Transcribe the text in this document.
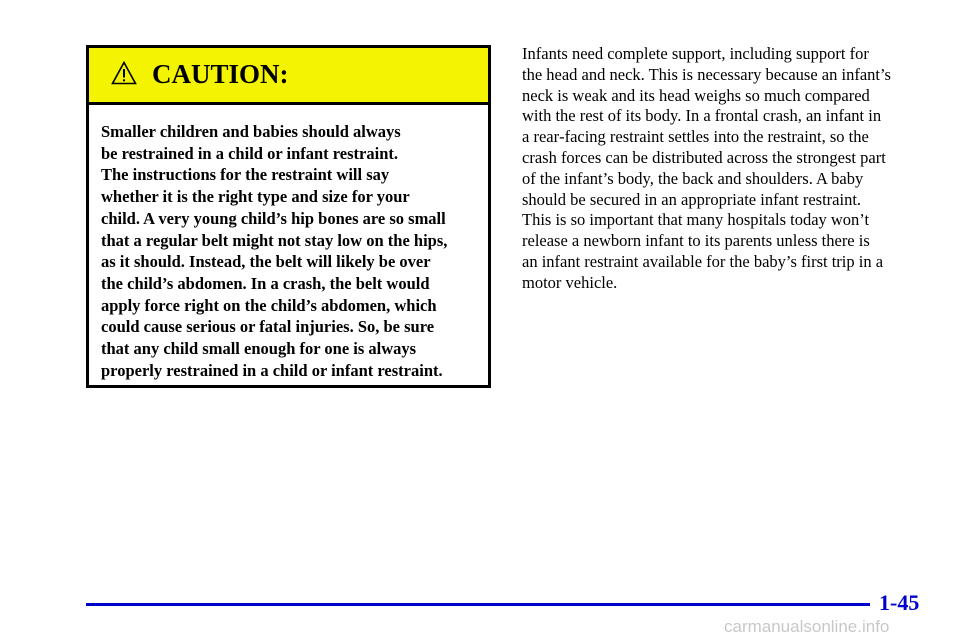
CAUTION:

Smaller children and babies should always
be restrained in a child or infant restraint.
The instructions for the restraint will say
whether it is the right type and size for your
child. A very young child’s hip bones are so small
that a regular belt might not stay low on the hips,
as it should. Instead, the belt will likely be over
the child’s abdomen. In a crash, the belt would
apply force right on the child’s abdomen, which
could cause serious or fatal injuries. So, be sure
that any child small enough for one is always
properly restrained in a child or infant restraint.

Infants need complete support, including support for
the head and neck. This is necessary because an infant’s
neck is weak and its head weighs so much compared
with the rest of its body. In a frontal crash, an infant in
a rear‑facing restraint settles into the restraint, so the
crash forces can be distributed across the strongest part
of the infant’s body, the back and shoulders. A baby
should be secured in an appropriate infant restraint.
This is so important that many hospitals today won’t
release a newborn infant to its parents unless there is
an infant restraint available for the baby’s first trip in a
motor vehicle.

1-45
carmanualsonline.info
